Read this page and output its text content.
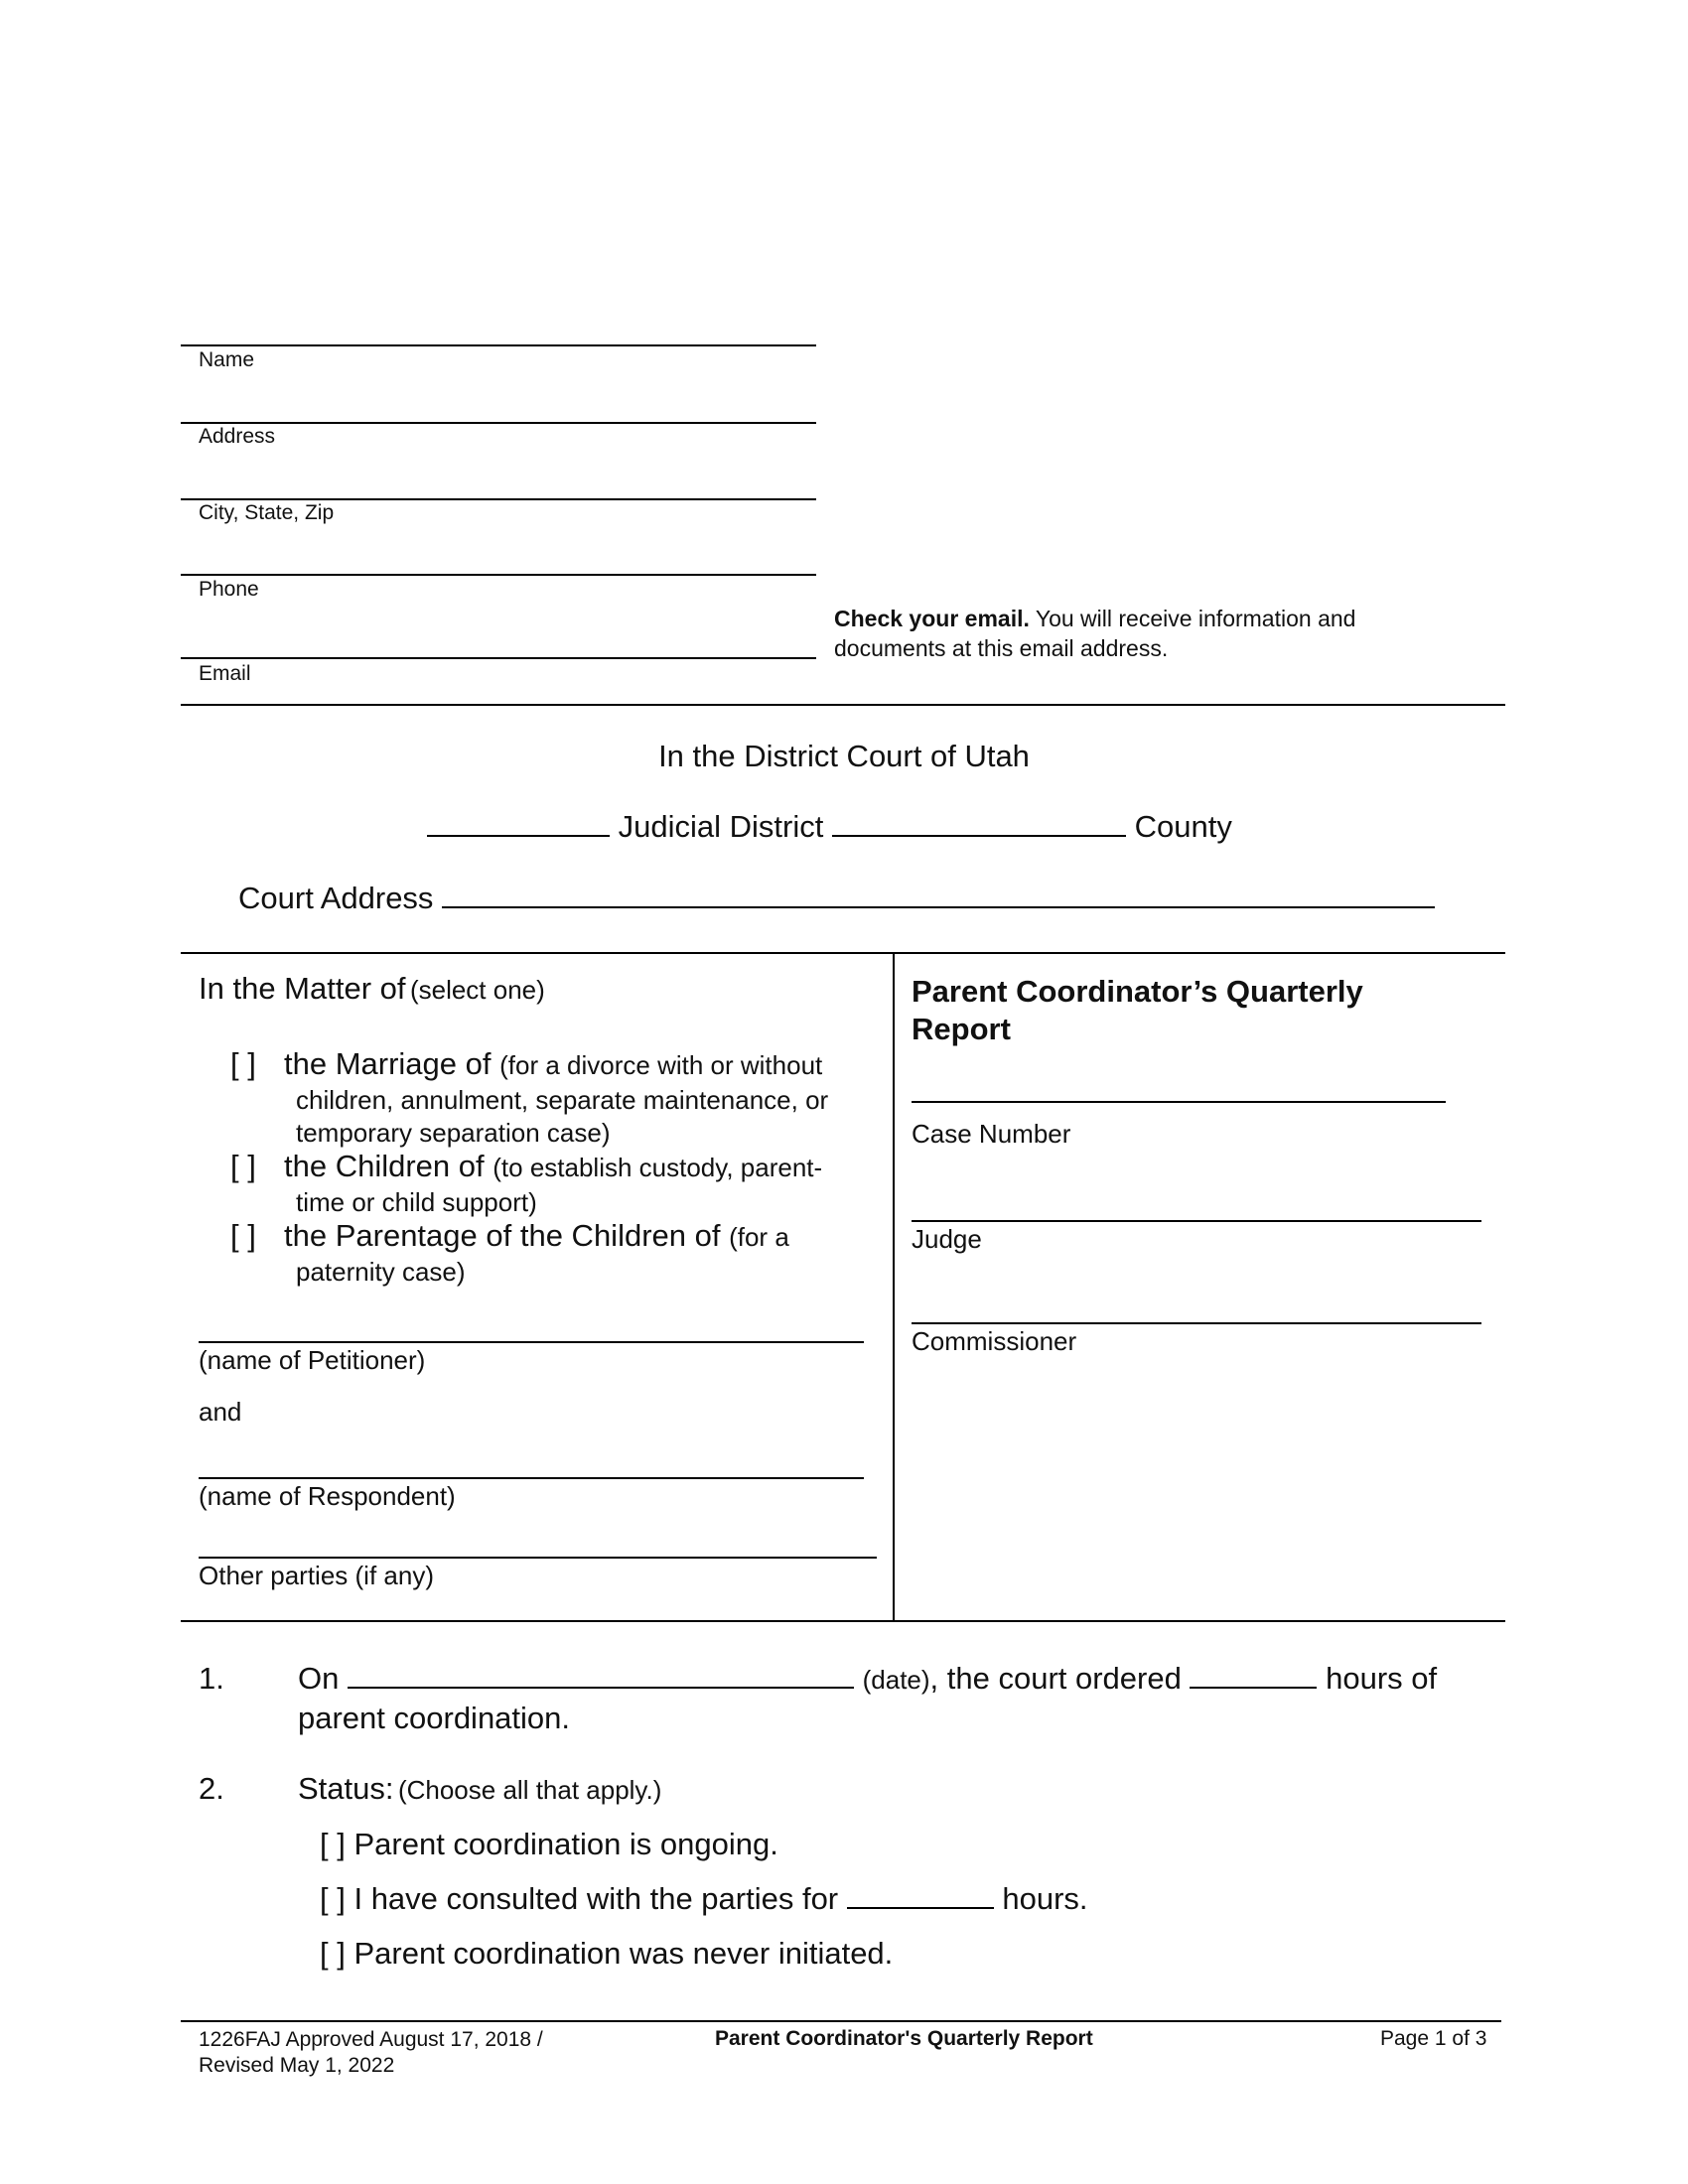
Name
Address
City, State, Zip
Phone
Email
Check your email. You will receive information and
documents at this email address.
In the District Court of Utah
Judicial District	County
Court Address
In the Matter of (select one)
[ ] the Marriage of (for a divorce with or without
children, annulment, separate maintenance, or
temporary separation case)
[ ] the Children of (to establish custody, parent-
time or child support)
[ ] the Parentage of the Children of (for a
paternity case)
(name of Petitioner)
and
(name of Respondent)
Other parties (if any)
Parent Coordinator’s Quarterly
Report
Case Number
Judge
Commissioner
1. On	(date), the court ordered	hours of
parent coordination.
2. Status: (Choose all that apply.)
[ ] Parent coordination is ongoing.
[ ] I have consulted with the parties for	hours.
[ ] Parent coordination was never initiated.
1226FAJ Approved August 17, 2018 /
Revised May 1, 2022
Parent Coordinator's Quarterly Report	Page 1 of 3
